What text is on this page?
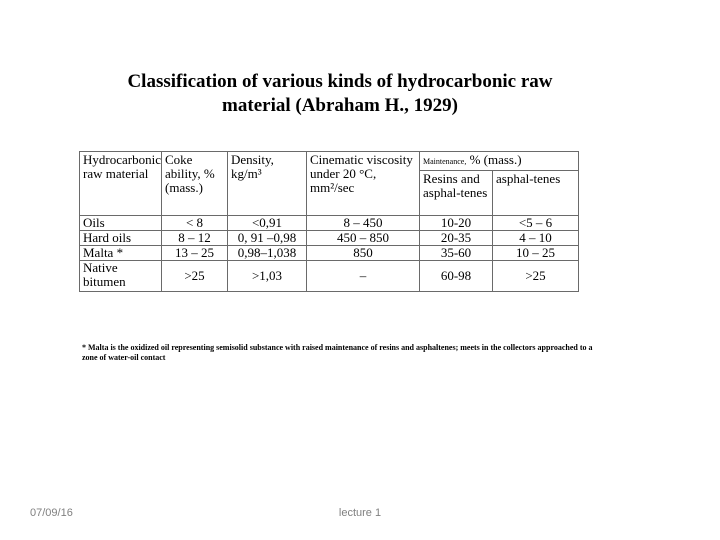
Classification of various kinds of hydrocarbonic raw
material (Abraham H., 1929)
Hydrocarbonic raw material	Coke ability, % (mass.)	Density, kg/m³	Cinematic viscosity under 20 °C, mm²/sec	Maintenance, % (mass.)	
				Resins and asphal-tenes	asphal-tenes
Oils	< 8	<0,91	8 – 450	10-20	<5 – 6
Hard oils	8 – 12	0, 91 –0,98	450 – 850	20-35	4 – 10
Malta *	13 – 25	0,98–1,038	850	35-60	10 – 25
Native bitumen	>25	>1,03	–	60-98	>25

* Malta is the oxidized oil representing semisolid substance with raised maintenance of resins and asphaltenes; meets in the collectors approached to a zone of water-oil contact

07/09/16	lecture 1
